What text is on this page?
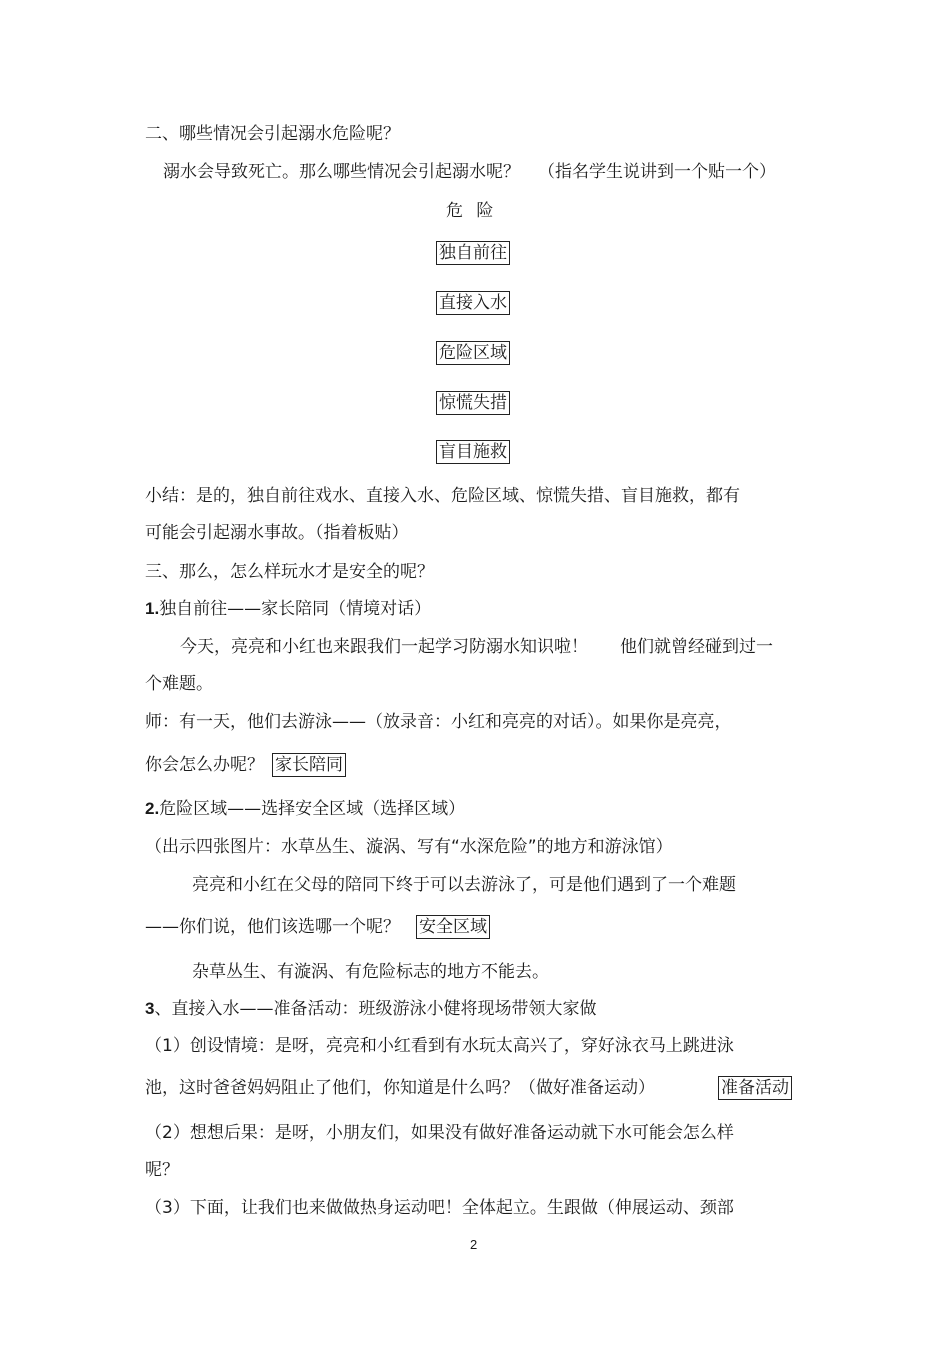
二、哪些情况会引起溺水危险呢？
溺水会导致死亡。那么哪些情况会引起溺水呢？ （指名学生说讲到一个贴一个）
危 险
独自前往
直接入水
危险区域
惊慌失措
盲目施救
小结：是的，独自前往戏水、直接入水、危险区域、惊慌失措、盲目施救，都有
可能会引起溺水事故。（指着板贴）
三、那么，怎么样玩水才是安全的呢？
1.独自前往——家长陪同（情境对话）
今天，亮亮和小红也来跟我们一起学习防溺水知识啦！ 他们就曾经碰到过一
个难题。
师：有一天，他们去游泳——（放录音：小红和亮亮的对话）。如果你是亮亮，
你会怎么办呢？ 家长陪同
2.危险区域——选择安全区域（选择区域）
（出示四张图片：水草丛生、漩涡、写有“水深危险”的地方和游泳馆）
亮亮和小红在父母的陪同下终于可以去游泳了，可是他们遇到了一个难题
——你们说，他们该选哪一个呢？ 安全区域
杂草丛生、有漩涡、有危险标志的地方不能去。
3、直接入水——准备活动：班级游泳小健将现场带领大家做
（1）创设情境：是呀，亮亮和小红看到有水玩太高兴了，穿好泳衣马上跳进泳
池，这时爸爸妈妈阻止了他们，你知道是什么吗？（做好准备运动）	准备活动
（2）想想后果：是呀，小朋友们，如果没有做好准备运动就下水可能会怎么样
呢？
（3）下面，让我们也来做做热身运动吧！全体起立。生跟做（伸展运动、颈部
2
